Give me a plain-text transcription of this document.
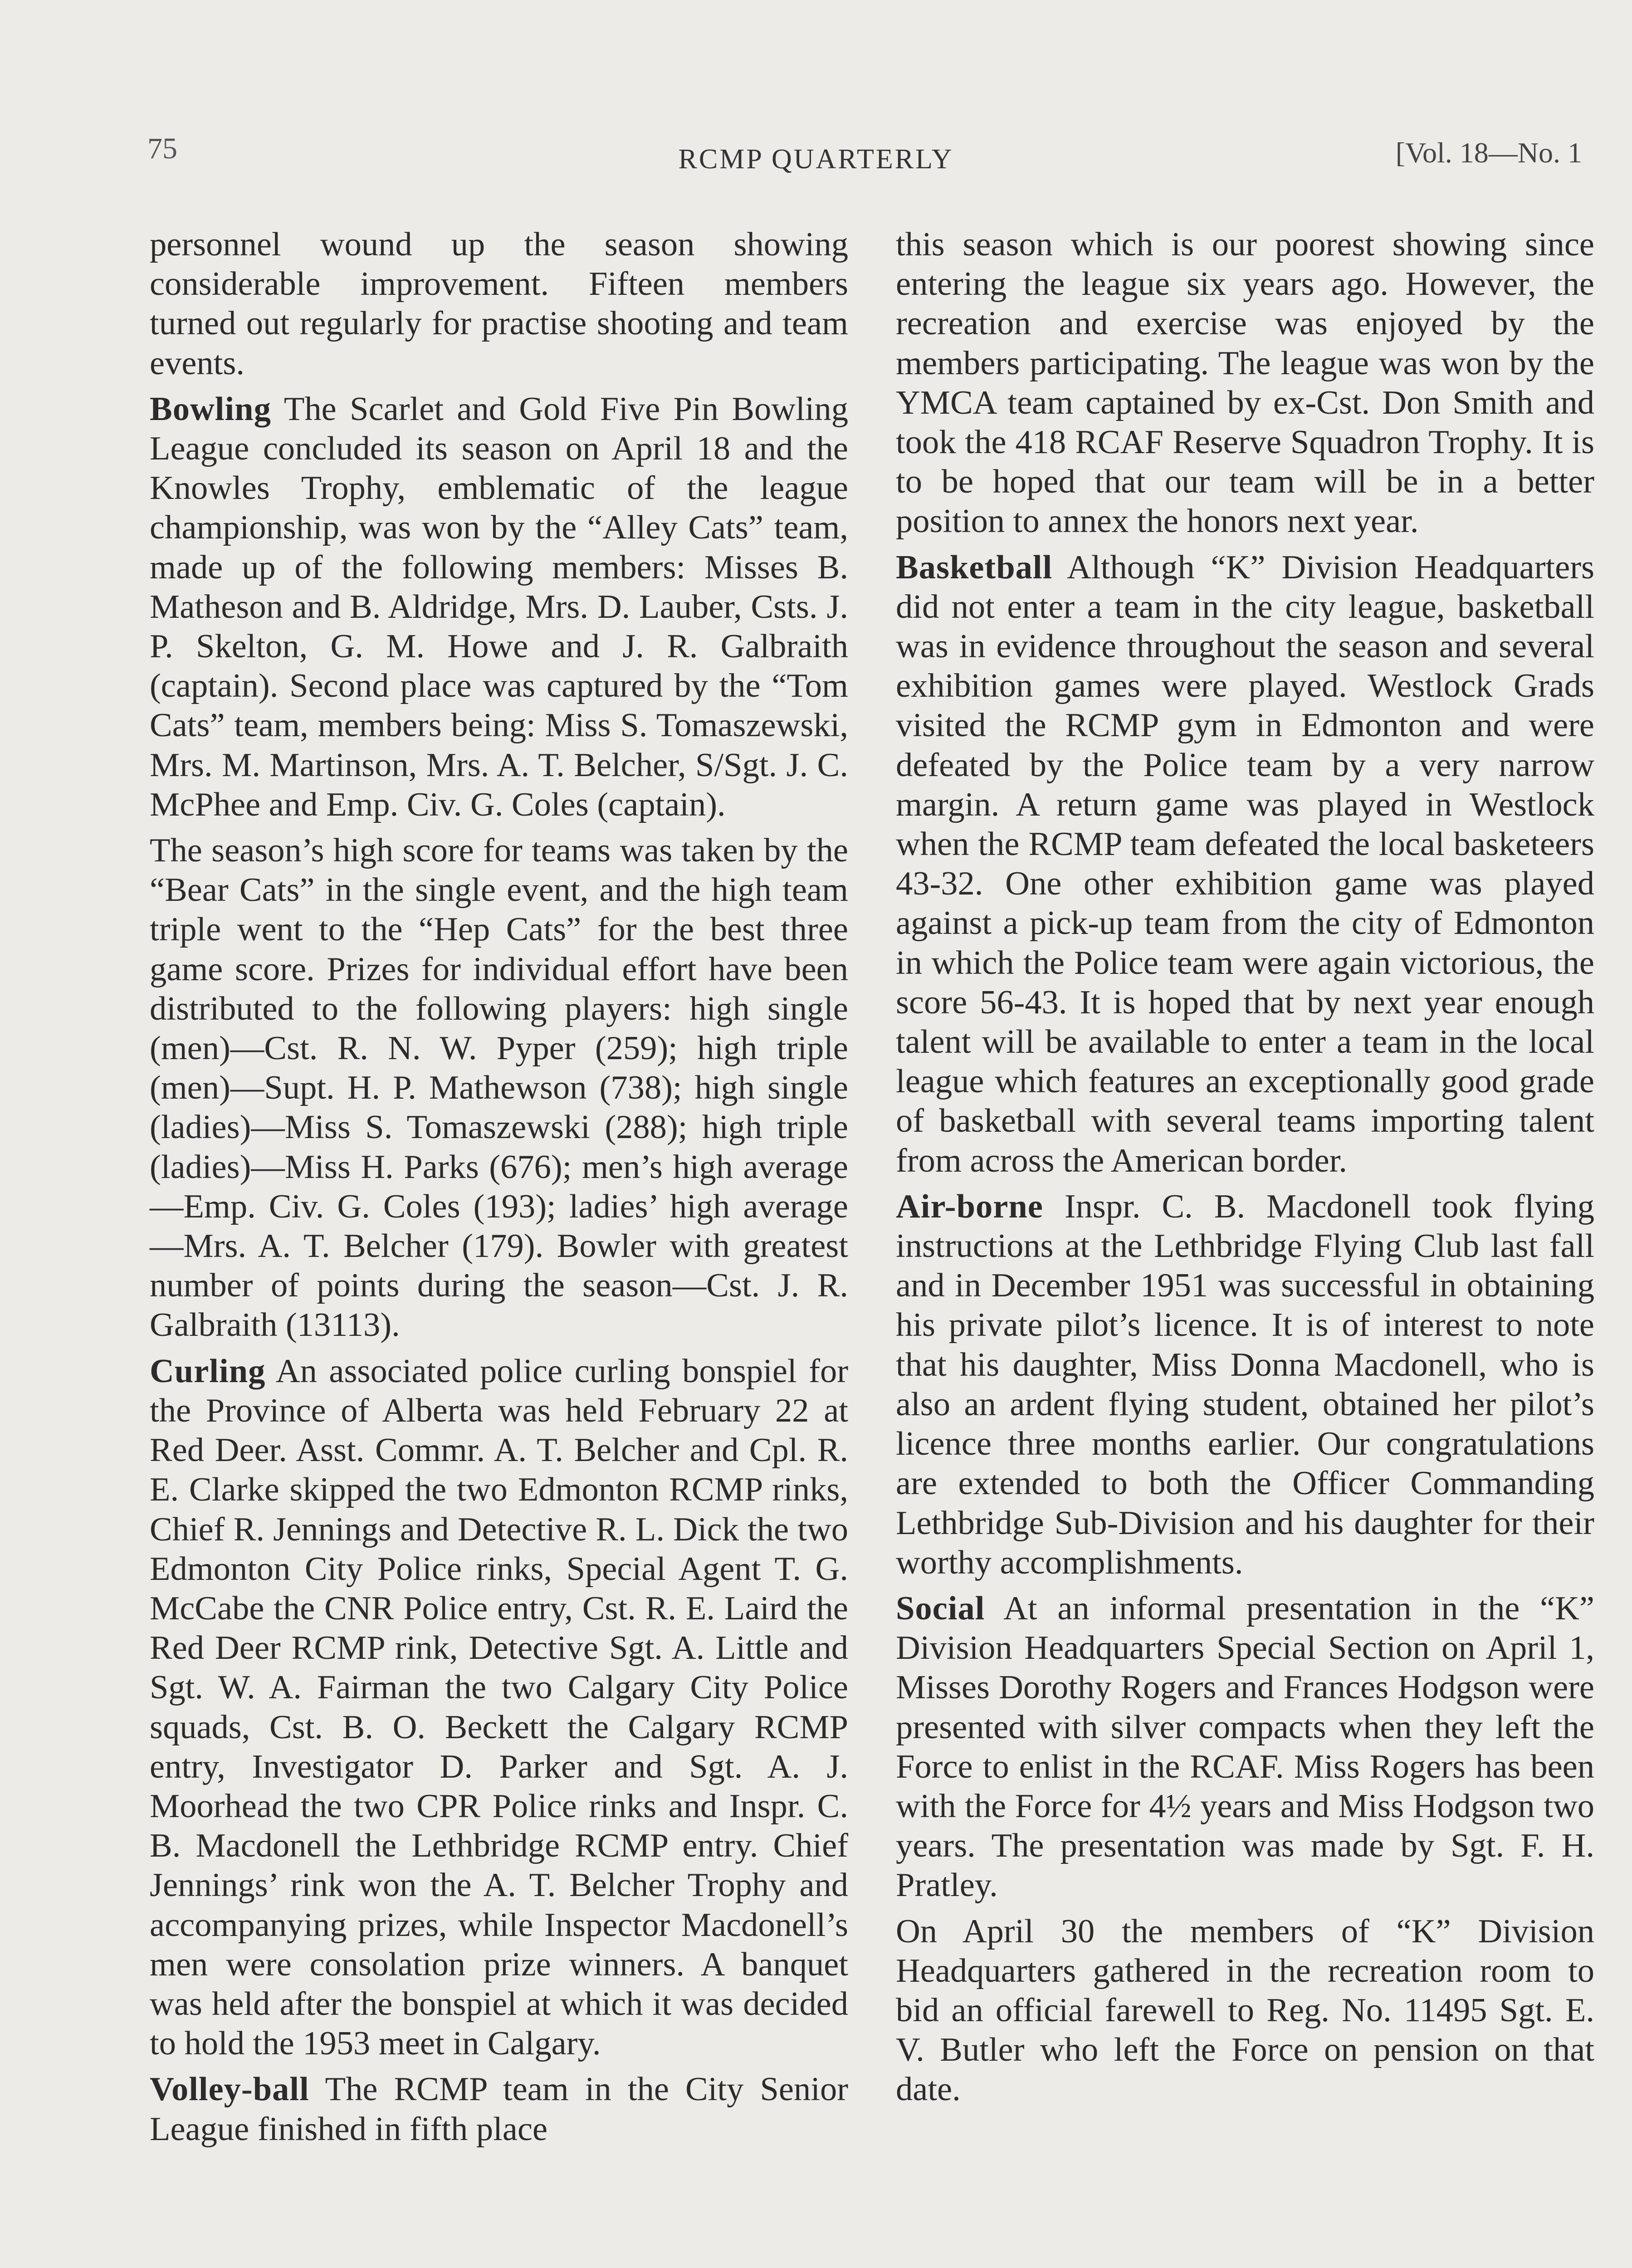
75	RCMP QUARTERLY	[Vol. 18—No. 1

personnel wound up the season showing considerable improvement. Fifteen members turned out regularly for practise shooting and team events.

Bowling The Scarlet and Gold Five Pin Bowling League concluded its season on April 18 and the Knowles Trophy, emblematic of the league championship, was won by the “Alley Cats” team, made up of the following members: Misses B. Matheson and B. Aldridge, Mrs. D. Lauber, Csts. J. P. Skelton, G. M. Howe and J. R. Galbraith (captain). Second place was captured by the “Tom Cats” team, members being: Miss S. Tomaszewski, Mrs. M. Martinson, Mrs. A. T. Belcher, S/Sgt. J. C. McPhee and Emp. Civ. G. Coles (captain).

The season’s high score for teams was taken by the “Bear Cats” in the single event, and the high team triple went to the “Hep Cats” for the best three game score. Prizes for individual effort have been distributed to the following players: high single (men)—Cst. R. N. W. Pyper (259); high triple (men)—Supt. H. P. Mathewson (738); high single (ladies)—Miss S. Tomaszewski (288); high triple (ladies)—Miss H. Parks (676); men’s high average—Emp. Civ. G. Coles (193); ladies’ high average—Mrs. A. T. Belcher (179). Bowler with greatest number of points during the season—Cst. J. R. Galbraith (13113).

Curling An associated police curling bonspiel for the Province of Alberta was held February 22 at Red Deer. Asst. Commr. A. T. Belcher and Cpl. R. E. Clarke skipped the two Edmonton RCMP rinks, Chief R. Jennings and Detective R. L. Dick the two Edmonton City Police rinks, Special Agent T. G. McCabe the CNR Police entry, Cst. R. E. Laird the Red Deer RCMP rink, Detective Sgt. A. Little and Sgt. W. A. Fairman the two Calgary City Police squads, Cst. B. O. Beckett the Calgary RCMP entry, Investigator D. Parker and Sgt. A. J. Moorhead the two CPR Police rinks and Inspr. C. B. Macdonell the Lethbridge RCMP entry. Chief Jennings’ rink won the A. T. Belcher Trophy and accompanying prizes, while Inspector Macdonell’s men were consolation prize winners. A banquet was held after the bonspiel at which it was decided to hold the 1953 meet in Calgary.

Volley-ball The RCMP team in the City Senior League finished in fifth place

this season which is our poorest showing since entering the league six years ago. However, the recreation and exercise was enjoyed by the members participating. The league was won by the YMCA team captained by ex-Cst. Don Smith and took the 418 RCAF Reserve Squadron Trophy. It is to be hoped that our team will be in a better position to annex the honors next year.

Basketball Although “K” Division Headquarters did not enter a team in the city league, basketball was in evidence throughout the season and several exhibition games were played. Westlock Grads visited the RCMP gym in Edmonton and were defeated by the Police team by a very narrow margin. A return game was played in Westlock when the RCMP team defeated the local basketeers 43-32. One other exhibition game was played against a pick-up team from the city of Edmonton in which the Police team were again victorious, the score 56-43. It is hoped that by next year enough talent will be available to enter a team in the local league which features an exceptionally good grade of basketball with several teams importing talent from across the American border.

Air-borne Inspr. C. B. Macdonell took flying instructions at the Lethbridge Flying Club last fall and in December 1951 was successful in obtaining his private pilot’s licence. It is of interest to note that his daughter, Miss Donna Macdonell, who is also an ardent flying student, obtained her pilot’s licence three months earlier. Our congratulations are extended to both the Officer Commanding Lethbridge Sub-Division and his daughter for their worthy accomplishments.

Social At an informal presentation in the “K” Division Headquarters Special Section on April 1, Misses Dorothy Rogers and Frances Hodgson were presented with silver compacts when they left the Force to enlist in the RCAF. Miss Rogers has been with the Force for 4½ years and Miss Hodgson two years. The presentation was made by Sgt. F. H. Pratley.

On April 30 the members of “K” Division Headquarters gathered in the recreation room to bid an official farewell to Reg. No. 11495 Sgt. E. V. Butler who left the Force on pension on that date.
